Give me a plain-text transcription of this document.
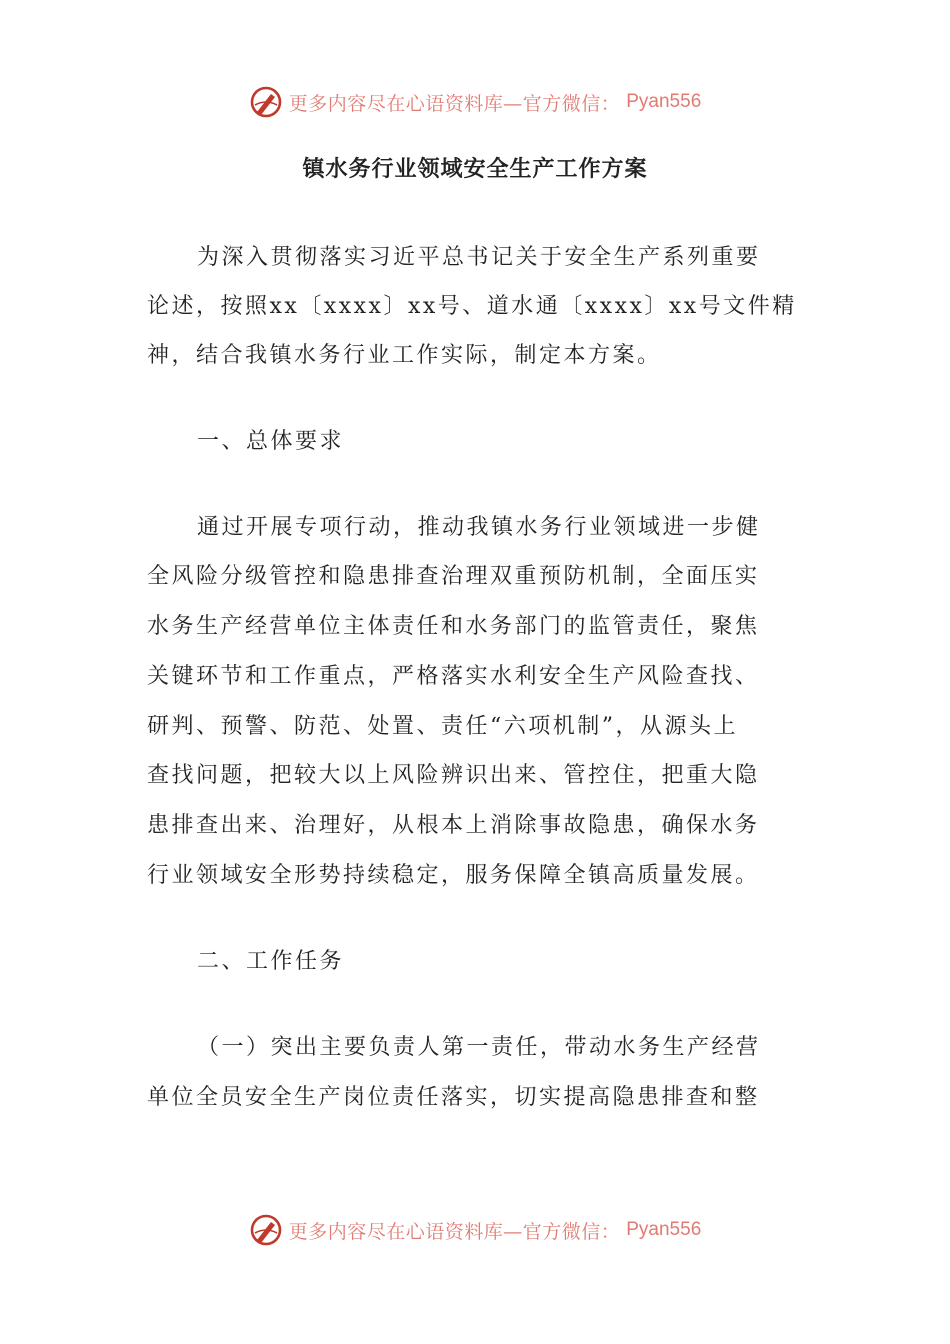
更多内容尽在心语资料库—官方微信： Pyan556
镇水务行业领域安全生产工作方案
为深入贯彻落实习近平总书记关于安全生产系列重要
论述，按照xx〔xxxx〕xx号、道水通〔xxxx〕xx号文件精
神，结合我镇水务行业工作实际，制定本方案。
一、总体要求
通过开展专项行动，推动我镇水务行业领域进一步健
全风险分级管控和隐患排查治理双重预防机制，全面压实
水务生产经营单位主体责任和水务部门的监管责任，聚焦
关键环节和工作重点，严格落实水利安全生产风险查找、
研判、预警、防范、处置、责任“六项机制”，从源头上
查找问题，把较大以上风险辨识出来、管控住，把重大隐
患排查出来、治理好，从根本上消除事故隐患，确保水务
行业领域安全形势持续稳定，服务保障全镇高质量发展。
二、工作任务
（一）突出主要负责人第一责任，带动水务生产经营
单位全员安全生产岗位责任落实，切实提高隐患排查和整
更多内容尽在心语资料库—官方微信： Pyan556
